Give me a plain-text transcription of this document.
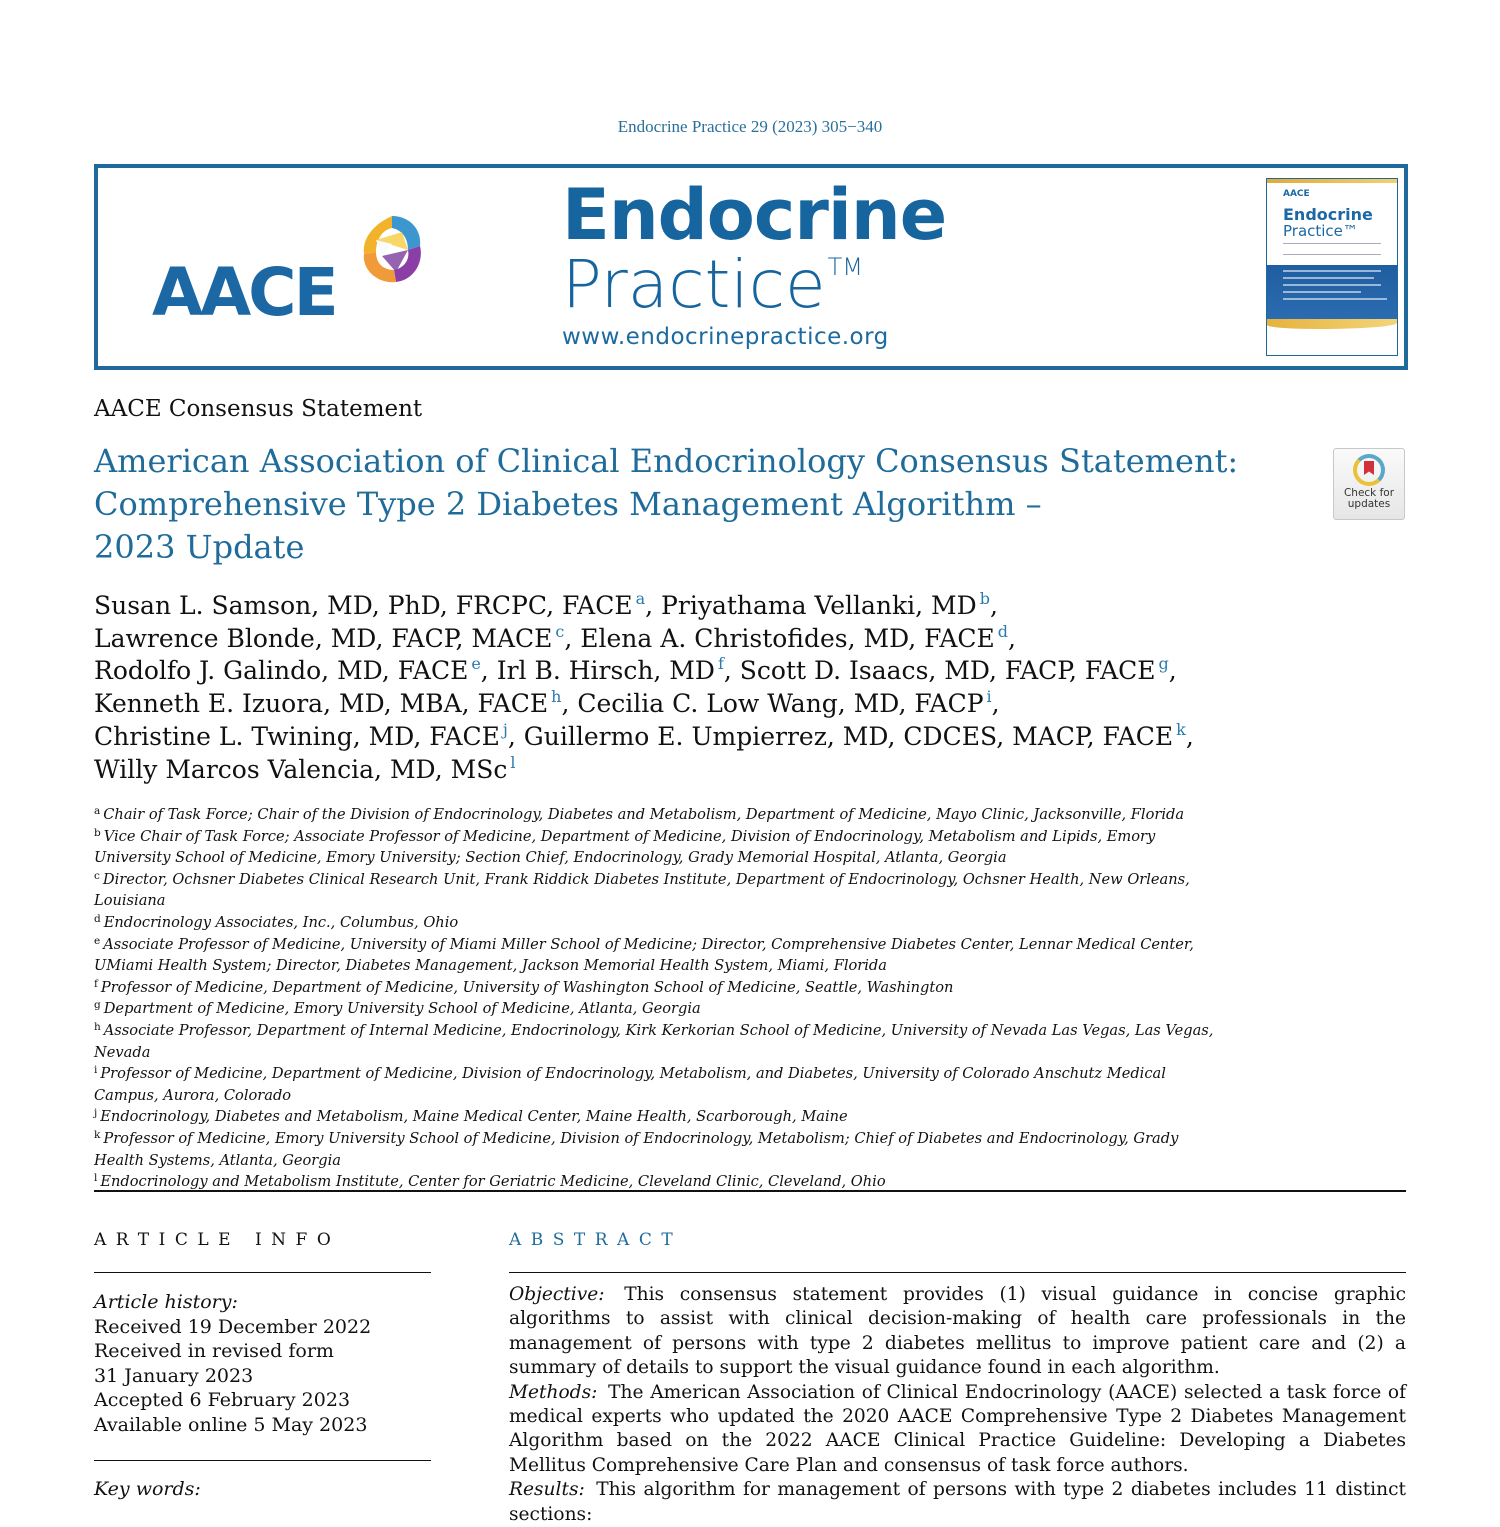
Endocrine Practice 29 (2023) 305−340
AACE
Endocrine
Practice™
www.endocrinepractice.org
AACE
Endocrine
Practice™
AACE Consensus Statement
American Association of Clinical Endocrinology Consensus Statement:
Comprehensive Type 2 Diabetes Management Algorithm –
2023 Update
Check for
updates
Susan L. Samson, MD, PhD, FRCPC, FACE $^a$, Priyathama Vellanki, MD $^b$,
Lawrence Blonde, MD, FACP, MACE $^c$, Elena A. Christofides, MD, FACE $^d$,
Rodolfo J. Galindo, MD, FACE $^e$, Irl B. Hirsch, MD $^f$, Scott D. Isaacs, MD, FACP, FACE $^g$,
Kenneth E. Izuora, MD, MBA, FACE $^h$, Cecilia C. Low Wang, MD, FACP $^i$,
Christine L. Twining, MD, FACE $^j$, Guillermo E. Umpierrez, MD, CDCES, MACP, FACE $^k$,
Willy Marcos Valencia, MD, MSc $^l$
$^a$ Chair of Task Force; Chair of the Division of Endocrinology, Diabetes and Metabolism, Department of Medicine, Mayo Clinic, Jacksonville, Florida
$^b$ Vice Chair of Task Force; Associate Professor of Medicine, Department of Medicine, Division of Endocrinology, Metabolism and Lipids, Emory University School of Medicine, Emory University; Section Chief, Endocrinology, Grady Memorial Hospital, Atlanta, Georgia
$^c$ Director, Ochsner Diabetes Clinical Research Unit, Frank Riddick Diabetes Institute, Department of Endocrinology, Ochsner Health, New Orleans, Louisiana
$^d$ Endocrinology Associates, Inc., Columbus, Ohio
$^e$ Associate Professor of Medicine, University of Miami Miller School of Medicine; Director, Comprehensive Diabetes Center, Lennar Medical Center, UMiami Health System; Director, Diabetes Management, Jackson Memorial Health System, Miami, Florida
$^f$ Professor of Medicine, Department of Medicine, University of Washington School of Medicine, Seattle, Washington
$^g$ Department of Medicine, Emory University School of Medicine, Atlanta, Georgia
$^h$ Associate Professor, Department of Internal Medicine, Endocrinology, Kirk Kerkorian School of Medicine, University of Nevada Las Vegas, Las Vegas, Nevada
$^i$ Professor of Medicine, Department of Medicine, Division of Endocrinology, Metabolism, and Diabetes, University of Colorado Anschutz Medical Campus, Aurora, Colorado
$^j$ Endocrinology, Diabetes and Metabolism, Maine Medical Center, Maine Health, Scarborough, Maine
$^k$ Professor of Medicine, Emory University School of Medicine, Division of Endocrinology, Metabolism; Chief of Diabetes and Endocrinology, Grady Health Systems, Atlanta, Georgia
$^l$ Endocrinology and Metabolism Institute, Center for Geriatric Medicine, Cleveland Clinic, Cleveland, Ohio
ARTICLE INFO
Article history:
Received 19 December 2022
Received in revised form
31 January 2023
Accepted 6 February 2023
Available online 5 May 2023
Key words:
ABSTRACT

Objective: This consensus statement provides (1) visual guidance in concise graphic algorithms to assist with clinical decision-making of health care professionals in the management of persons with type 2 diabetes mellitus to improve patient care and (2) a summary of details to support the visual guidance found in each algorithm.

Methods: The American Association of Clinical Endocrinology (AACE) selected a task force of medical experts who updated the 2020 AACE Comprehensive Type 2 Diabetes Management Algorithm based on the 2022 AACE Clinical Practice Guideline: Developing a Diabetes Mellitus Comprehensive Care Plan and consensus of task force authors.

Results: This algorithm for management of persons with type 2 diabetes includes 11 distinct sections:
